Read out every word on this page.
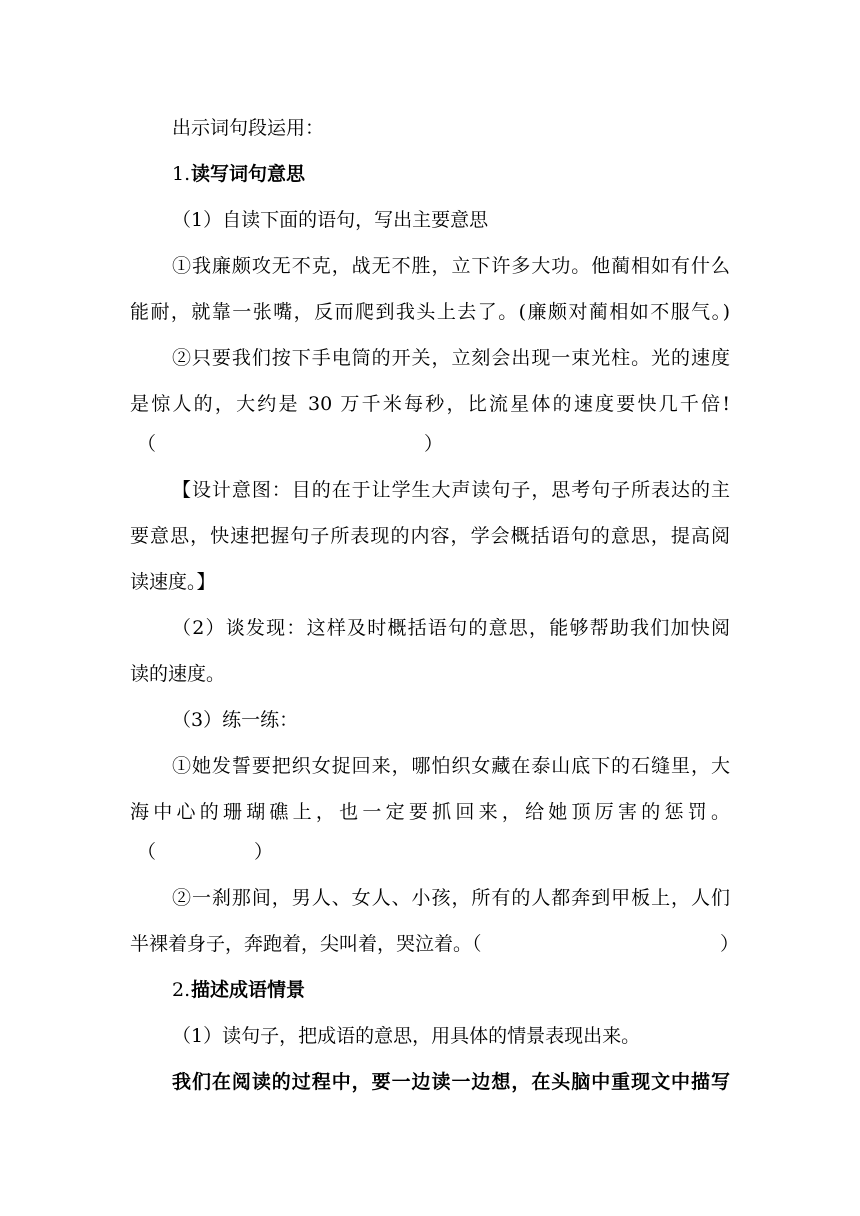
出示词句段运用：
1. 读写词句意思
（1）自读下面的语句，写出主要意思
①我廉颇攻无不克，战无不胜，立下许多大功。他蔺相如有什么
能耐，就靠一张嘴，反而爬到我头上去了。(廉颇对蔺相如不服气。)
②只要我们按下手电筒的开关，立刻会出现一束光柱。光的速度
是惊人的，大约是 30 万千米每秒，比流星体的速度要快几千倍!
（	）
【设计意图：目的在于让学生大声读句子，思考句子所表达的主
要意思，快速把握句子所表现的内容，学会概括语句的意思，提高阅
读速度。】
（2）谈发现：这样及时概括语句的意思，能够帮助我们加快阅
读的速度。
（3）练一练：
①她发誓要把织女捉回来，哪怕织女藏在泰山底下的石缝里，大
海中心的珊瑚礁上，也一定要抓回来，给她顶厉害的惩罚。
（	）
②一刹那间，男人、女人、小孩，所有的人都奔到甲板上，人们
半裸着身子，奔跑着，尖叫着，哭泣着。（	）
2. 描述成语情景
（1）读句子，把成语的意思，用具体的情景表现出来。
我们在阅读的过程中，要一边读一边想，在头脑中重现文中描写
